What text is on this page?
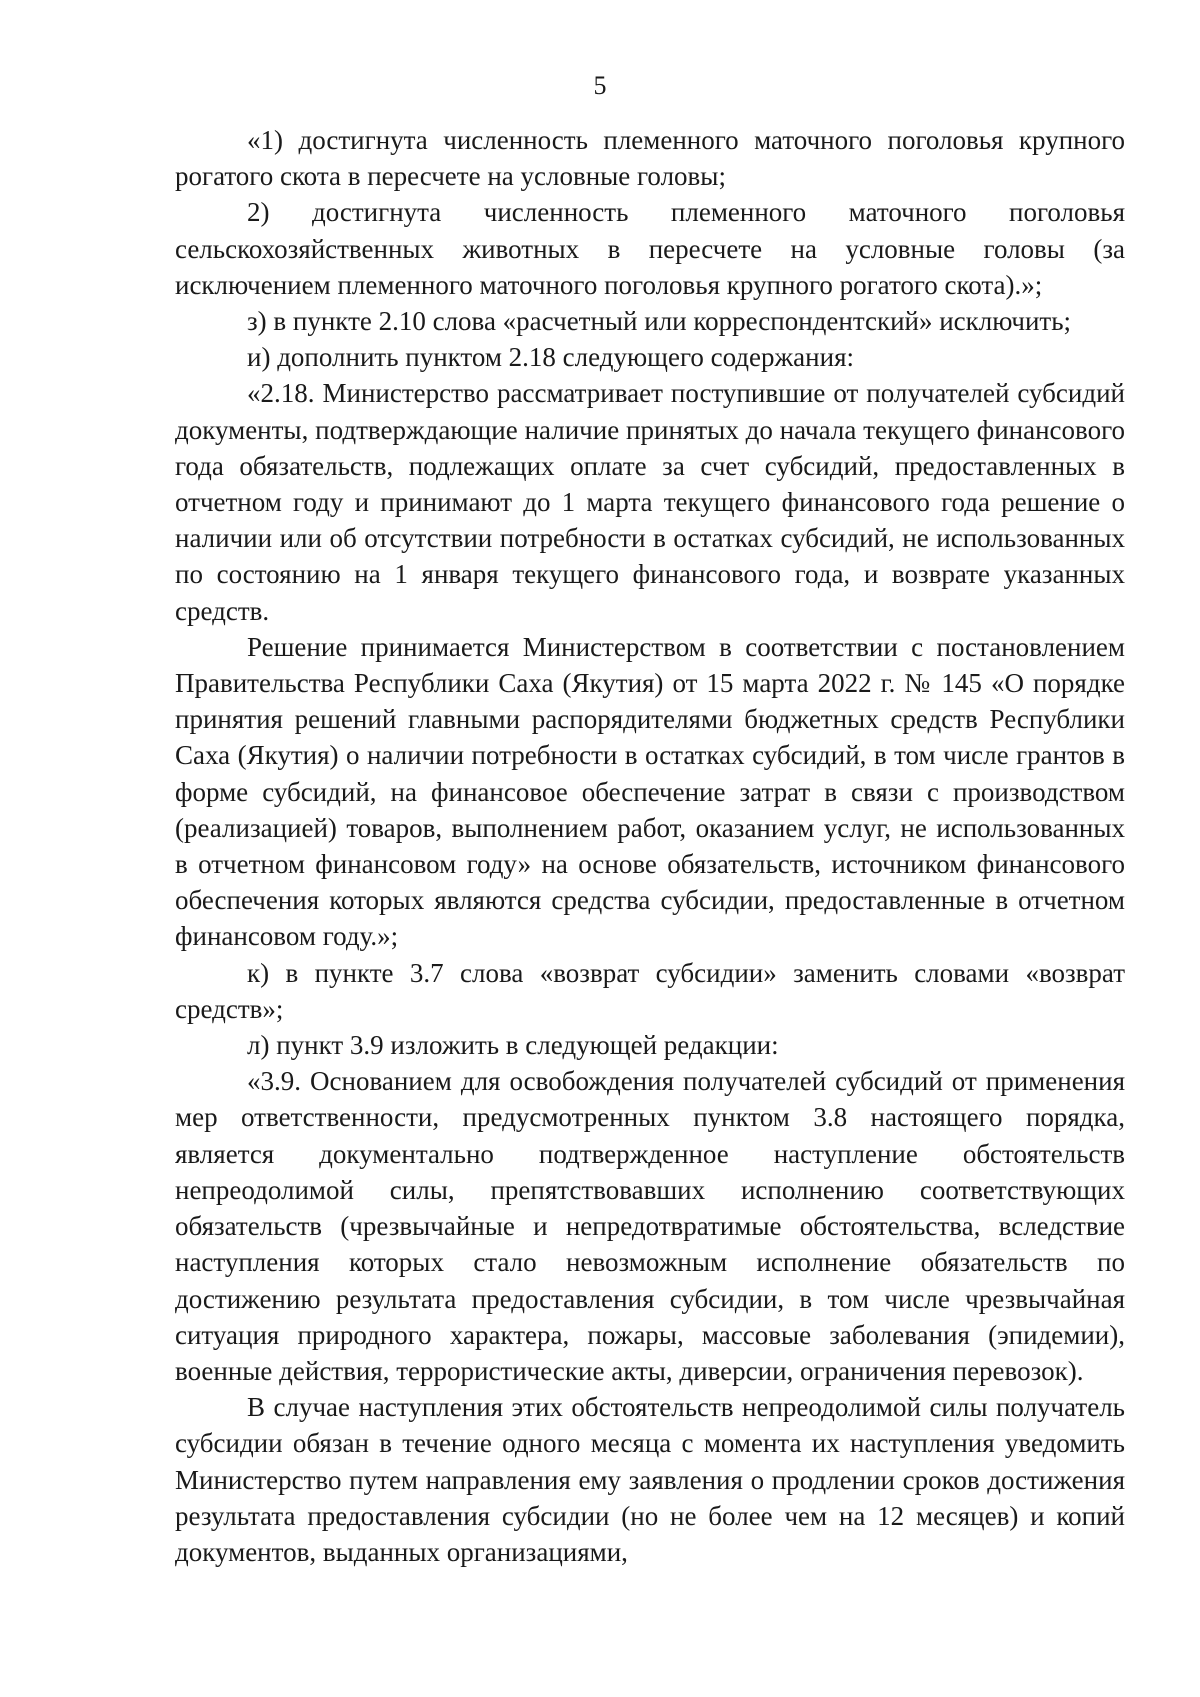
5

«1) достигнута численность племенного маточного поголовья крупного рогатого скота в пересчете на условные головы;

2) достигнута численность племенного маточного поголовья сельскохозяйственных животных в пересчете на условные головы (за исключением племенного маточного поголовья крупного рогатого скота).»;

з) в пункте 2.10 слова «расчетный или корреспондентский» исключить;

и) дополнить пунктом 2.18 следующего содержания:

«2.18. Министерство рассматривает поступившие от получателей субсидий документы, подтверждающие наличие принятых до начала текущего финансового года обязательств, подлежащих оплате за счет субсидий, предоставленных в отчетном году и принимают до 1 марта текущего финансового года решение о наличии или об отсутствии потребности в остатках субсидий, не использованных по состоянию на 1 января текущего финансового года, и возврате указанных средств.

Решение принимается Министерством в соответствии с постановлением Правительства Республики Саха (Якутия) от 15 марта 2022 г. № 145 «О порядке принятия решений главными распорядителями бюджетных средств Республики Саха (Якутия) о наличии потребности в остатках субсидий, в том числе грантов в форме субсидий, на финансовое обеспечение затрат в связи с производством (реализацией) товаров, выполнением работ, оказанием услуг, не использованных в отчетном финансовом году» на основе обязательств, источником финансового обеспечения которых являются средства субсидии, предоставленные в отчетном финансовом году.»;

к) в пункте 3.7 слова «возврат субсидии» заменить словами «возврат средств»;

л) пункт 3.9 изложить в следующей редакции:

«3.9. Основанием для освобождения получателей субсидий от применения мер ответственности, предусмотренных пунктом 3.8 настоящего порядка, является документально подтвержденное наступление обстоятельств непреодолимой силы, препятствовавших исполнению соответствующих обязательств (чрезвычайные и непредотвратимые обстоятельства, вследствие наступления которых стало невозможным исполнение обязательств по достижению результата предоставления субсидии, в том числе чрезвычайная ситуация природного характера, пожары, массовые заболевания (эпидемии), военные действия, террористические акты, диверсии, ограничения перевозок).

В случае наступления этих обстоятельств непреодолимой силы получатель субсидии обязан в течение одного месяца с момента их наступления уведомить Министерство путем направления ему заявления о продлении сроков достижения результата предоставления субсидии (но не более чем на 12 месяцев) и копий документов, выданных организациями,
